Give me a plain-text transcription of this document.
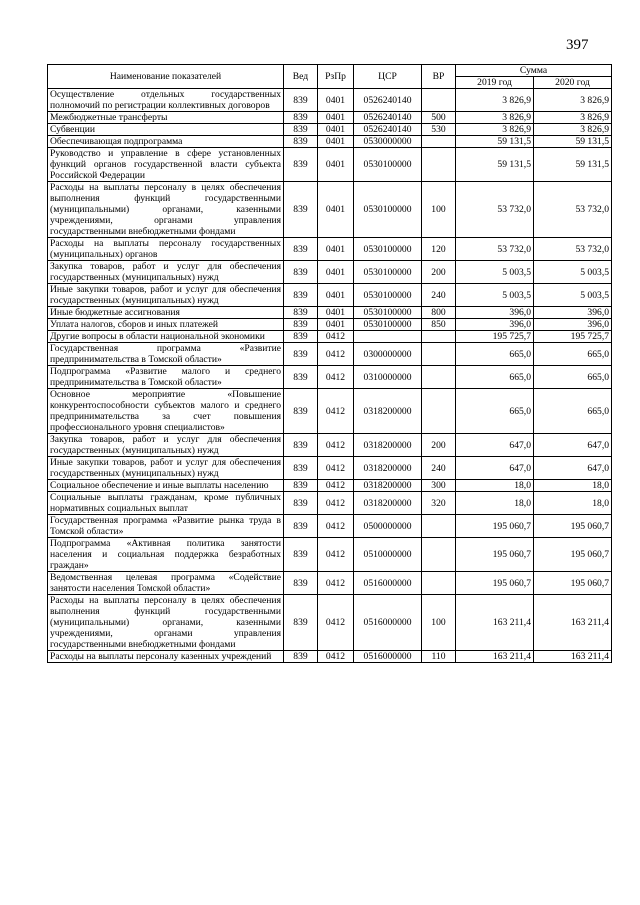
397
Наименование показателей	Вед	РзПр	ЦСР	ВР	Сумма	
					2019 год	2020 год
Осуществление отдельных государственных полномочий по регистрации коллективных договоров	839	0401	0526240140		3 826,9	3 826,9
Межбюджетные трансферты	839	0401	0526240140	500	3 826,9	3 826,9
Субвенции	839	0401	0526240140	530	3 826,9	3 826,9
Обеспечивающая подпрограмма	839	0401	0530000000		59 131,5	59 131,5
Руководство и управление в сфере установленных функций органов государственной власти субъекта Российской Федерации	839	0401	0530100000		59 131,5	59 131,5
Расходы на выплаты персоналу в целях обеспечения выполнения функций государственными (муниципальными) органами, казенными учреждениями, органами управления государственными внебюджетными фондами	839	0401	0530100000	100	53 732,0	53 732,0
Расходы на выплаты персоналу государственных (муниципальных) органов	839	0401	0530100000	120	53 732,0	53 732,0
Закупка товаров, работ и услуг для обеспечения государственных (муниципальных) нужд	839	0401	0530100000	200	5 003,5	5 003,5
Иные закупки товаров, работ и услуг для обеспечения государственных (муниципальных) нужд	839	0401	0530100000	240	5 003,5	5 003,5
Иные бюджетные ассигнования	839	0401	0530100000	800	396,0	396,0
Уплата налогов, сборов и иных платежей	839	0401	0530100000	850	396,0	396,0
Другие вопросы в области национальной экономики	839	0412			195 725,7	195 725,7
Государственная программа «Развитие предпринимательства в Томской области»	839	0412	0300000000		665,0	665,0
Подпрограмма «Развитие малого и среднего предпринимательства в Томской области»	839	0412	0310000000		665,0	665,0
Основное мероприятие «Повышение конкурентоспособности субъектов малого и среднего предпринимательства за счет повышения профессионального уровня специалистов»	839	0412	0318200000		665,0	665,0
Закупка товаров, работ и услуг для обеспечения государственных (муниципальных) нужд	839	0412	0318200000	200	647,0	647,0
Иные закупки товаров, работ и услуг для обеспечения государственных (муниципальных) нужд	839	0412	0318200000	240	647,0	647,0
Социальное обеспечение и иные выплаты населению	839	0412	0318200000	300	18,0	18,0
Социальные выплаты гражданам, кроме публичных нормативных социальных выплат	839	0412	0318200000	320	18,0	18,0
Государственная программа «Развитие рынка труда в Томской области»	839	0412	0500000000		195 060,7	195 060,7
Подпрограмма «Активная политика занятости населения и социальная поддержка безработных граждан»	839	0412	0510000000		195 060,7	195 060,7
Ведомственная целевая программа «Содействие занятости населения Томской области»	839	0412	0516000000		195 060,7	195 060,7
Расходы на выплаты персоналу в целях обеспечения выполнения функций государственными (муниципальными) органами, казенными учреждениями, органами управления государственными внебюджетными фондами	839	0412	0516000000	100	163 211,4	163 211,4
Расходы на выплаты персоналу казенных учреждений	839	0412	0516000000	110	163 211,4	163 211,4
